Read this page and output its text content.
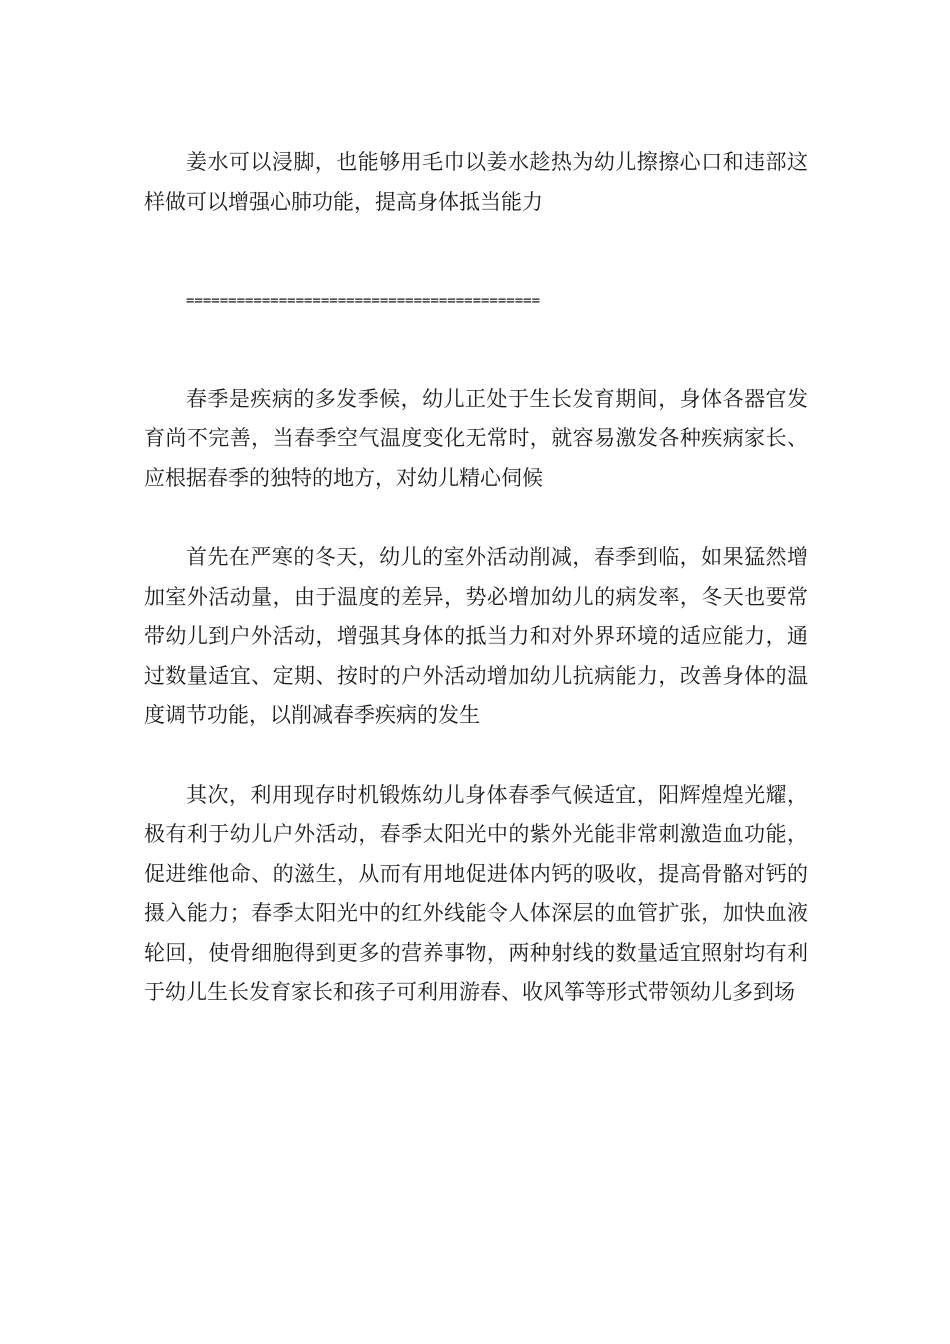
姜水可以浸脚，也能够用毛巾以姜水趁热为幼儿擦擦心口和违部这样做可以增强心肺功能，提高身体抵当能力

==========================================

春季是疾病的多发季候，幼儿正处于生长发育期间，身体各器官发育尚不完善，当春季空气温度变化无常时，就容易激发各种疾病家长、应根据春季的独特的地方，对幼儿精心伺候

首先在严寒的冬天，幼儿的室外活动削减，春季到临，如果猛然增加室外活动量，由于温度的差异，势必增加幼儿的病发率，冬天也要常带幼儿到户外活动，增强其身体的抵当力和对外界环境的适应能力，通过数量适宜、定期、按时的户外活动增加幼儿抗病能力，改善身体的温度调节功能，以削减春季疾病的发生

其次，利用现存时机锻炼幼儿身体春季气候适宜，阳辉煌煌光耀，极有利于幼儿户外活动，春季太阳光中的紫外光能非常刺激造血功能，促进维他命、的滋生，从而有用地促进体内钙的吸收，提高骨骼对钙的摄入能力；春季太阳光中的红外线能令人体深层的血管扩张，加快血液轮回，使骨细胞得到更多的营养事物，两种射线的数量适宜照射均有利于幼儿生长发育家长和孩子可利用游春、收风筝等形式带领幼儿多到场
